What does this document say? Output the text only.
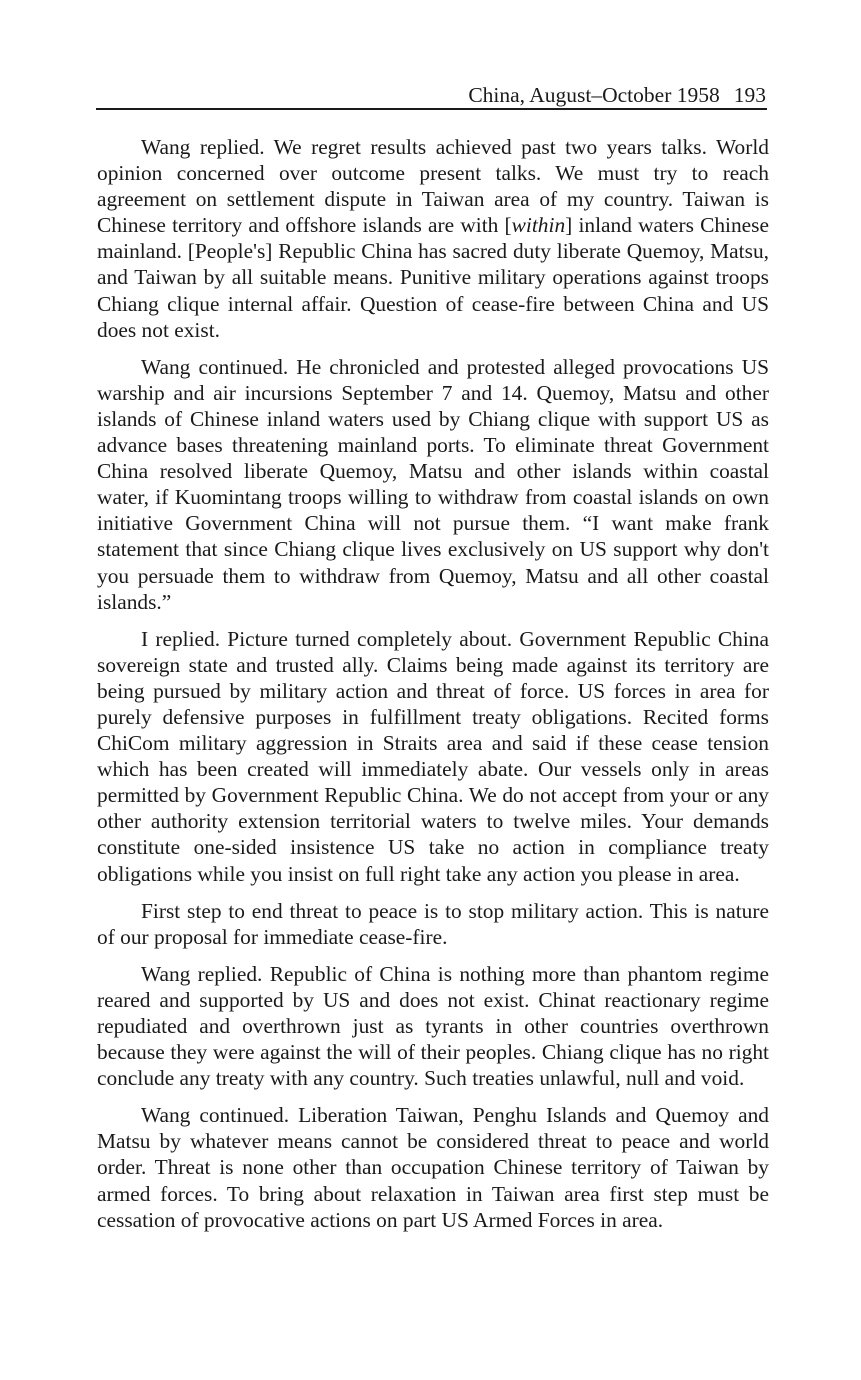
China, August–October 1958 193

Wang replied. We regret results achieved past two years talks. World opinion concerned over outcome present talks. We must try to reach agreement on settlement dispute in Taiwan area of my country. Taiwan is Chinese territory and offshore islands are with [within] inland waters Chinese mainland. [People's] Republic China has sacred duty liberate Quemoy, Matsu, and Taiwan by all suitable means. Punitive military operations against troops Chiang clique internal affair. Question of cease-fire between China and US does not exist.

Wang continued. He chronicled and protested alleged provocations US warship and air incursions September 7 and 14. Quemoy, Matsu and other islands of Chinese inland waters used by Chiang clique with support US as advance bases threatening mainland ports. To eliminate threat Government China resolved liberate Quemoy, Matsu and other islands within coastal water, if Kuomintang troops willing to withdraw from coastal islands on own initiative Government China will not pursue them. “I want make frank statement that since Chiang clique lives exclusively on US support why don't you persuade them to withdraw from Quemoy, Matsu and all other coastal islands.”

I replied. Picture turned completely about. Government Republic China sovereign state and trusted ally. Claims being made against its territory are being pursued by military action and threat of force. US forces in area for purely defensive purposes in fulfillment treaty obligations. Recited forms ChiCom military aggression in Straits area and said if these cease tension which has been created will immediately abate. Our vessels only in areas permitted by Government Republic China. We do not accept from your or any other authority extension territorial waters to twelve miles. Your demands constitute one-sided insistence US take no action in compliance treaty obligations while you insist on full right take any action you please in area.

First step to end threat to peace is to stop military action. This is nature of our proposal for immediate cease-fire.

Wang replied. Republic of China is nothing more than phantom regime reared and supported by US and does not exist. Chinat reactionary regime repudiated and overthrown just as tyrants in other countries overthrown because they were against the will of their peoples. Chiang clique has no right conclude any treaty with any country. Such treaties unlawful, null and void.

Wang continued. Liberation Taiwan, Penghu Islands and Quemoy and Matsu by whatever means cannot be considered threat to peace and world order. Threat is none other than occupation Chinese territory of Taiwan by armed forces. To bring about relaxation in Taiwan area first step must be cessation of provocative actions on part US Armed Forces in area.
